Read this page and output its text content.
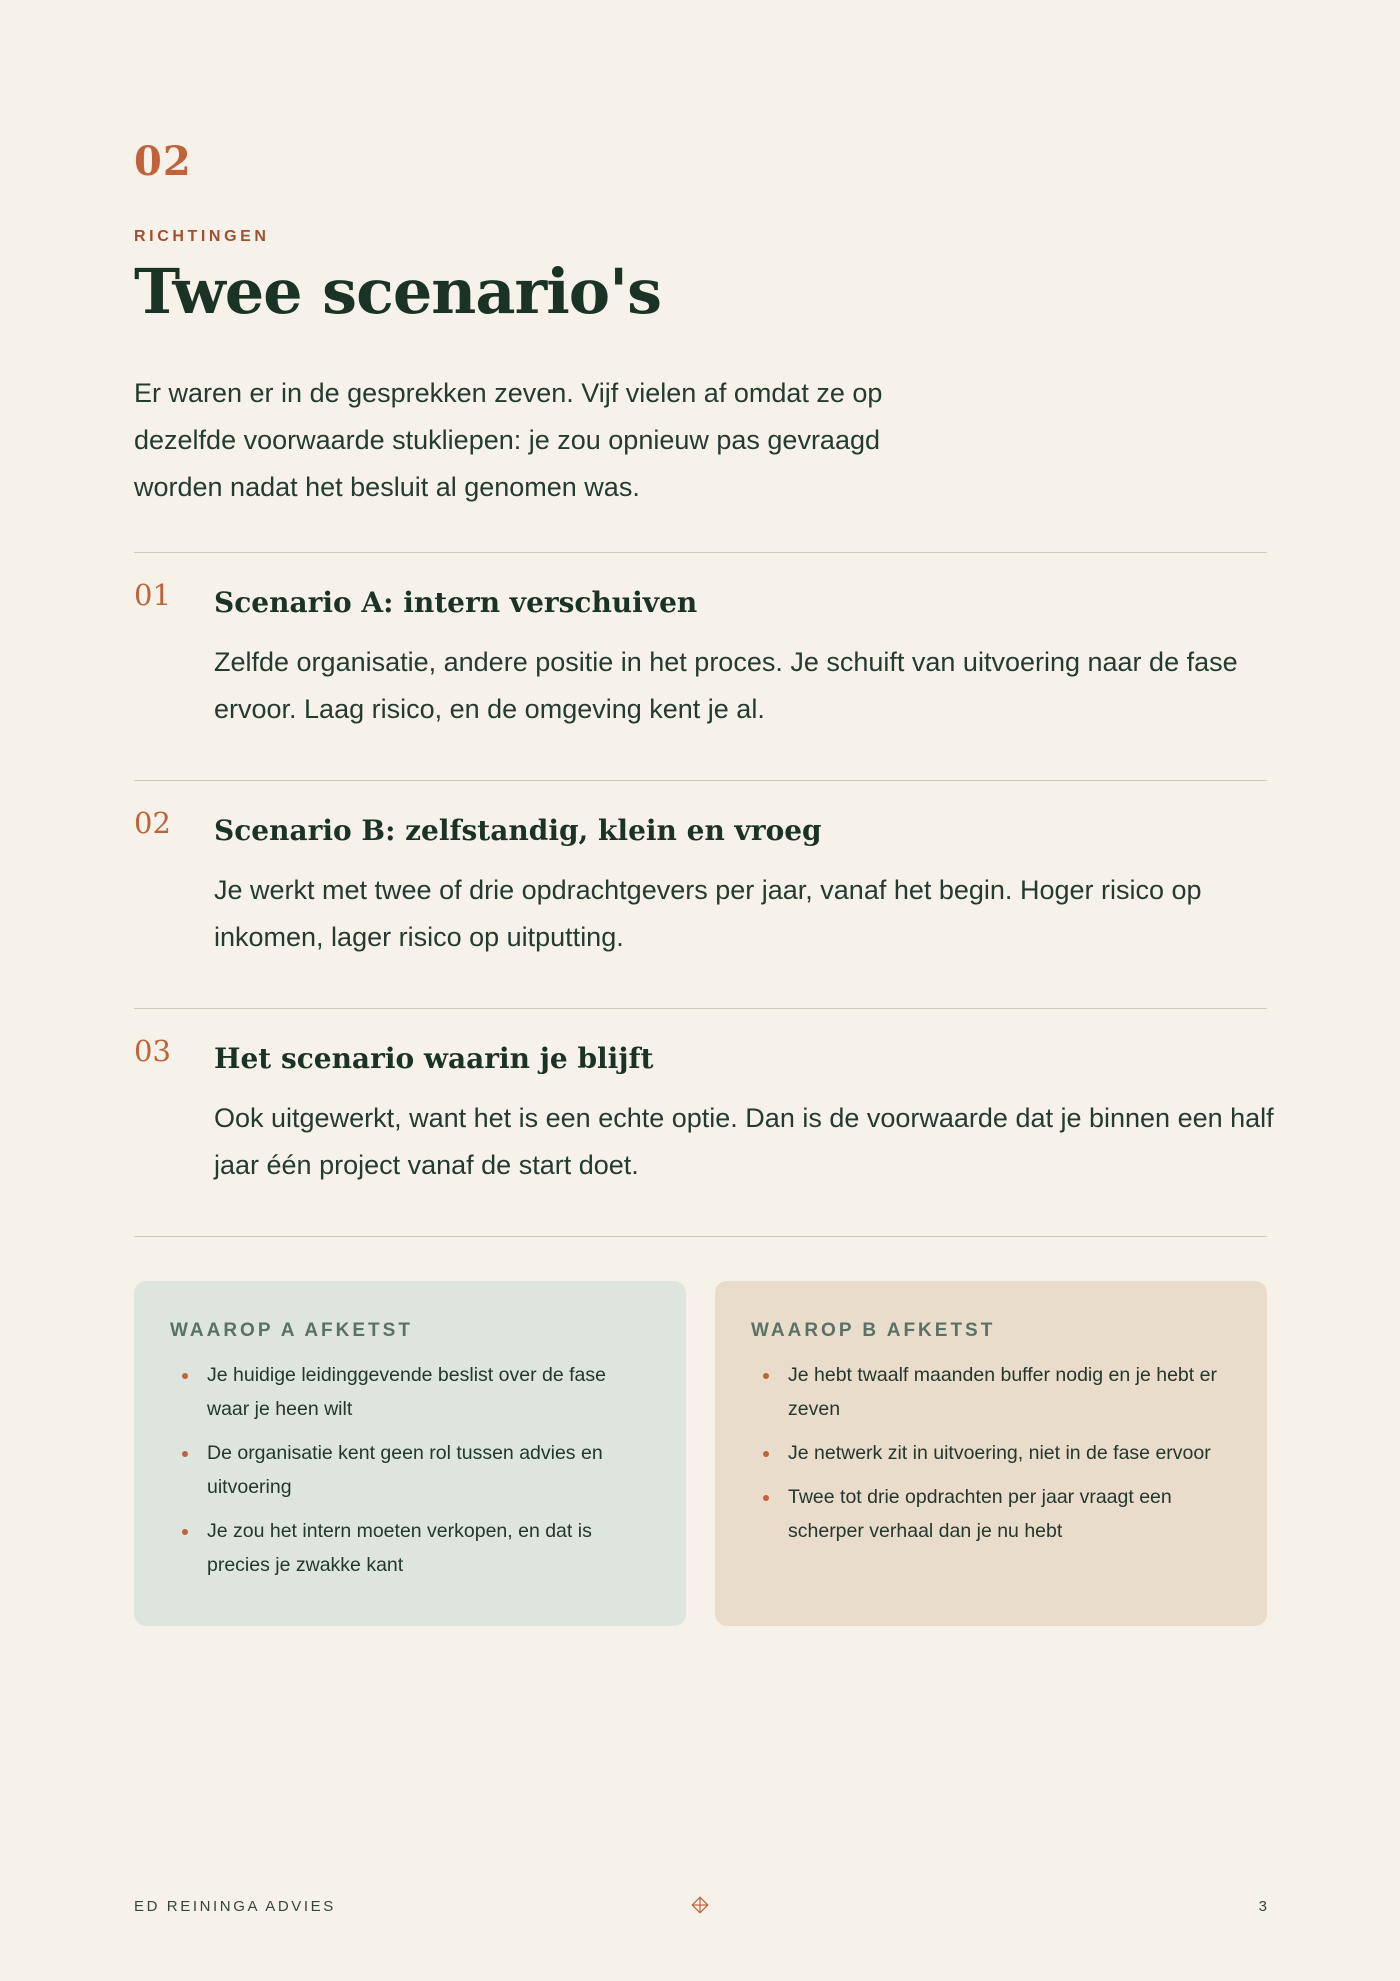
02
RICHTINGEN
Twee scenario's

Er waren er in de gesprekken zeven. Vijf vielen af omdat ze op dezelfde voorwaarde stukliepen: je zou opnieuw pas gevraagd worden nadat het besluit al genomen was.

01 Scenario A: intern verschuiven

Zelfde organisatie, andere positie in het proces. Je schuift van uitvoering naar de fase ervoor. Laag risico, en de omgeving kent je al.

02 Scenario B: zelfstandig, klein en vroeg

Je werkt met twee of drie opdrachtgevers per jaar, vanaf het begin. Hoger risico op inkomen, lager risico op uitputting.

03 Het scenario waarin je blijft

Ook uitgewerkt, want het is een echte optie. Dan is de voorwaarde dat je binnen een half jaar één project vanaf de start doet.

WAAROP A AFKETST
Je huidige leidinggevende beslist over de fase waar je heen wilt
De organisatie kent geen rol tussen advies en uitvoering
Je zou het intern moeten verkopen, en dat is precies je zwakke kant
WAAROP B AFKETST
Je hebt twaalf maanden buffer nodig en je hebt er zeven
Je netwerk zit in uitvoering, niet in de fase ervoor
Twee tot drie opdrachten per jaar vraagt een scherper verhaal dan je nu hebt
ED REININGA ADVIES	3
